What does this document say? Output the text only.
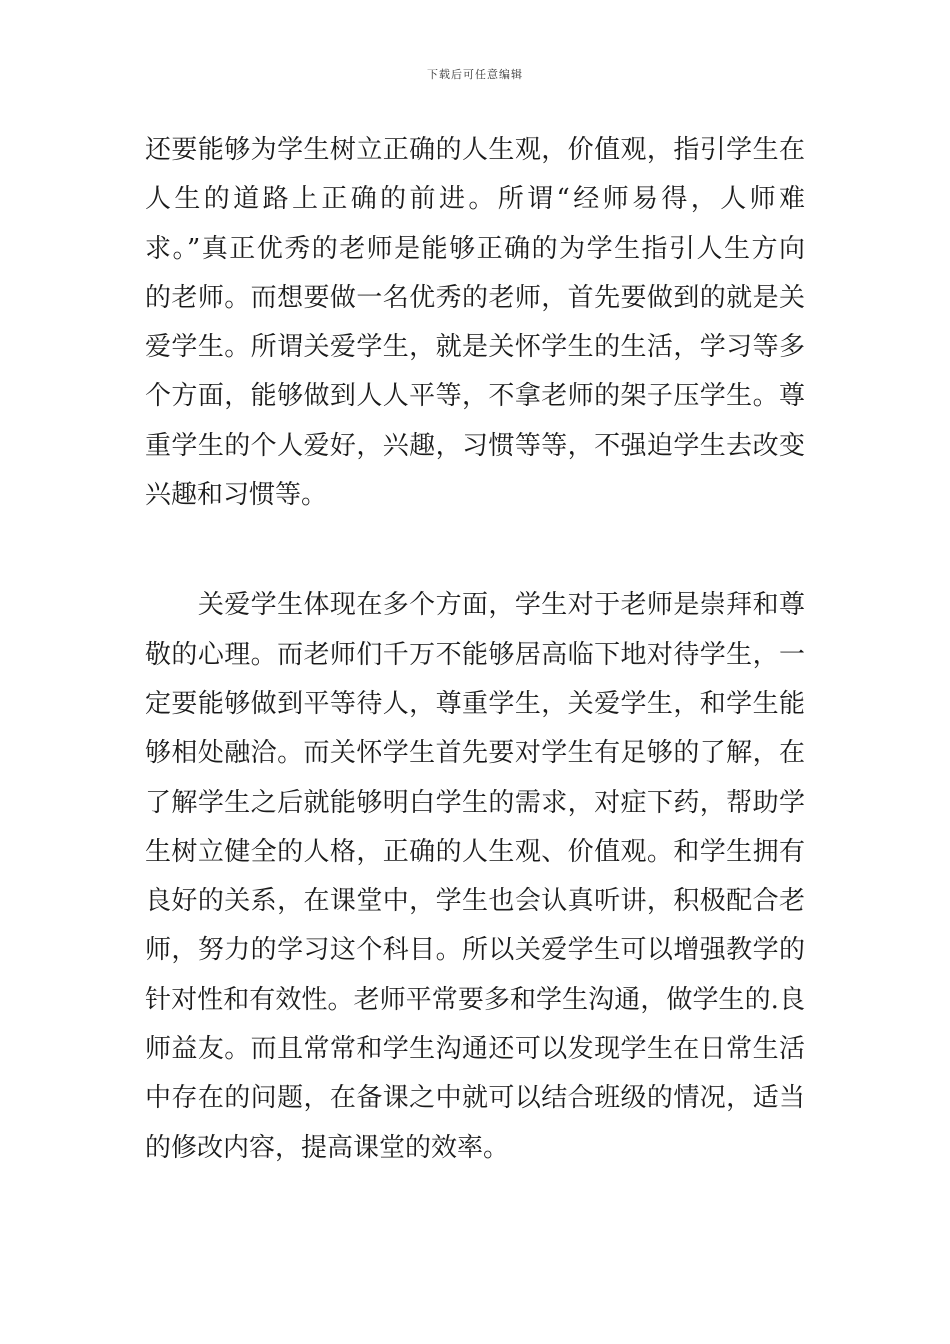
下载后可任意编辑
还要能够为学生树立正确的人生观，价值观，指引学生在
人生的道路上正确的前进。所谓“经师易得，人师难
求。”真正优秀的老师是能够正确的为学生指引人生方向
的老师。而想要做一名优秀的老师，首先要做到的就是关
爱学生。所谓关爱学生，就是关怀学生的生活，学习等多
个方面，能够做到人人平等，不拿老师的架子压学生。尊
重学生的个人爱好，兴趣，习惯等等，不强迫学生去改变
兴趣和习惯等。
　　关爱学生体现在多个方面，学生对于老师是崇拜和尊
敬的心理。而老师们千万不能够居高临下地对待学生，一
定要能够做到平等待人，尊重学生，关爱学生，和学生能
够相处融洽。而关怀学生首先要对学生有足够的了解，在
了解学生之后就能够明白学生的需求，对症下药，帮助学
生树立健全的人格，正确的人生观、价值观。和学生拥有
良好的关系，在课堂中，学生也会认真听讲，积极配合老
师，努力的学习这个科目。所以关爱学生可以增强教学的
针对性和有效性。老师平常要多和学生沟通，做学生的.良
师益友。而且常常和学生沟通还可以发现学生在日常生活
中存在的问题，在备课之中就可以结合班级的情况，适当
的修改内容，提高课堂的效率。
